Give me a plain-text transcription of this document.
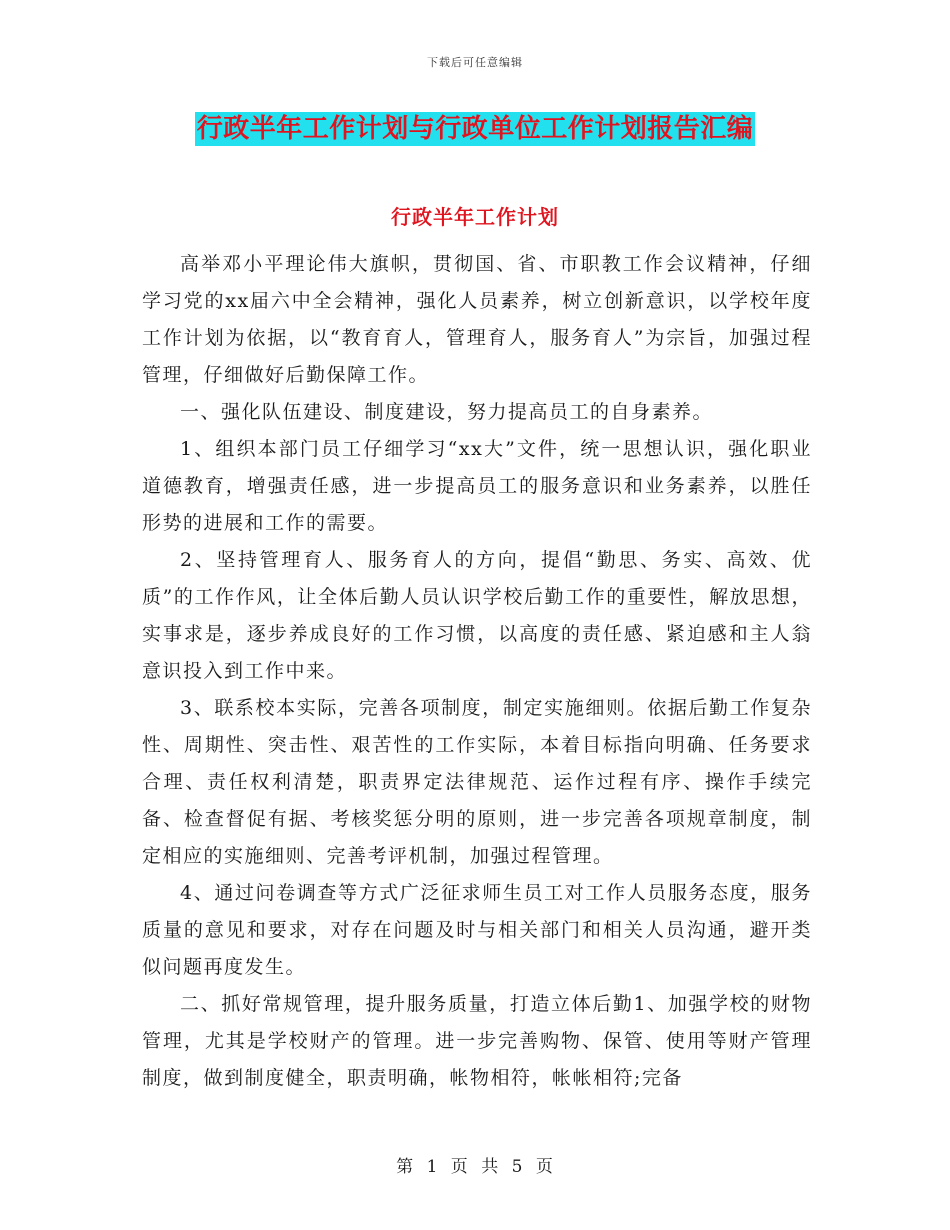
下载后可任意编辑
行政半年工作计划与行政单位工作计划报告汇编
行政半年工作计划

高举邓小平理论伟大旗帜，贯彻国、省、市职教工作会议精神，仔细学习党的xx届六中全会精神，强化人员素养，树立创新意识，以学校年度工作计划为依据，以“教育育人，管理育人，服务育人”为宗旨，加强过程管理，仔细做好后勤保障工作。

一、强化队伍建设、制度建设，努力提高员工的自身素养。

1、组织本部门员工仔细学习“xx大”文件，统一思想认识，强化职业道德教育，增强责任感，进一步提高员工的服务意识和业务素养，以胜任形势的进展和工作的需要。

2、坚持管理育人、服务育人的方向，提倡“勤思、务实、高效、优质”的工作作风，让全体后勤人员认识学校后勤工作的重要性，解放思想，实事求是，逐步养成良好的工作习惯，以高度的责任感、紧迫感和主人翁意识投入到工作中来。

3、联系校本实际，完善各项制度，制定实施细则。依据后勤工作复杂性、周期性、突击性、艰苦性的工作实际，本着目标指向明确、任务要求合理、责任权利清楚，职责界定法律规范、运作过程有序、操作手续完备、检查督促有据、考核奖惩分明的原则，进一步完善各项规章制度，制定相应的实施细则、完善考评机制，加强过程管理。

4、通过问卷调查等方式广泛征求师生员工对工作人员服务态度，服务质量的意见和要求，对存在问题及时与相关部门和相关人员沟通，避开类似问题再度发生。

二、抓好常规管理，提升服务质量，打造立体后勤1、加强学校的财物管理，尤其是学校财产的管理。进一步完善购物、保管、使用等财产管理制度，做到制度健全，职责明确，帐物相符，帐帐相符;完备

第 1 页 共 5 页
